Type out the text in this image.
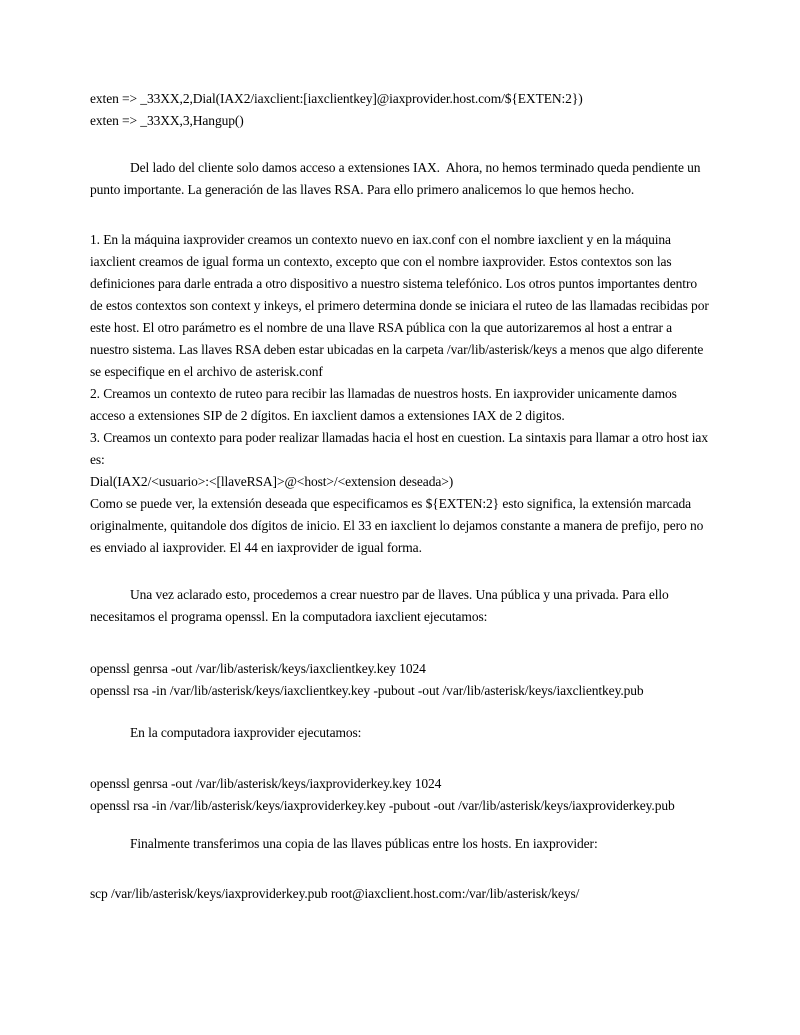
exten => _33XX,2,Dial(IAX2/iaxclient:[iaxclientkey]@iaxprovider.host.com/${EXTEN:2})
exten => _33XX,3,Hangup()
Del lado del cliente solo damos acceso a extensiones IAX.  Ahora, no hemos terminado queda pendiente un
punto importante. La generación de las llaves RSA. Para ello primero analicemos lo que hemos hecho.
1. En la máquina iaxprovider creamos un contexto nuevo en iax.conf con el nombre iaxclient y en la máquina
iaxclient creamos de igual forma un contexto, excepto que con el nombre iaxprovider. Estos contextos son las
definiciones para darle entrada a otro dispositivo a nuestro sistema telefónico. Los otros puntos importantes dentro
de estos contextos son context y inkeys, el primero determina donde se iniciara el ruteo de las llamadas recibidas por
este host. El otro parámetro es el nombre de una llave RSA pública con la que autorizaremos al host a entrar a
nuestro sistema. Las llaves RSA deben estar ubicadas en la carpeta /var/lib/asterisk/keys a menos que algo diferente
se especifique en el archivo de asterisk.conf
2. Creamos un contexto de ruteo para recibir las llamadas de nuestros hosts. En iaxprovider unicamente damos
acceso a extensiones SIP de 2 dígitos. En iaxclient damos a extensiones IAX de 2 digitos.
3. Creamos un contexto para poder realizar llamadas hacia el host en cuestion. La sintaxis para llamar a otro host iax
es:
Dial(IAX2/<usuario>:<[llaveRSA]>@<host>/<extension deseada>)
Como se puede ver, la extensión deseada que especificamos es ${EXTEN:2} esto significa, la extensión marcada
originalmente, quitandole dos dígitos de inicio. El 33 en iaxclient lo dejamos constante a manera de prefijo, pero no
es enviado al iaxprovider. El 44 en iaxprovider de igual forma.
Una vez aclarado esto, procedemos a crear nuestro par de llaves. Una pública y una privada. Para ello
necesitamos el programa openssl. En la computadora iaxclient ejecutamos:
openssl genrsa -out /var/lib/asterisk/keys/iaxclientkey.key 1024
openssl rsa -in /var/lib/asterisk/keys/iaxclientkey.key -pubout -out /var/lib/asterisk/keys/iaxclientkey.pub
En la computadora iaxprovider ejecutamos:
openssl genrsa -out /var/lib/asterisk/keys/iaxproviderkey.key 1024
openssl rsa -in /var/lib/asterisk/keys/iaxproviderkey.key -pubout -out /var/lib/asterisk/keys/iaxproviderkey.pub
Finalmente transferimos una copia de las llaves públicas entre los hosts. En iaxprovider:
scp /var/lib/asterisk/keys/iaxproviderkey.pub root@iaxclient.host.com:/var/lib/asterisk/keys/
